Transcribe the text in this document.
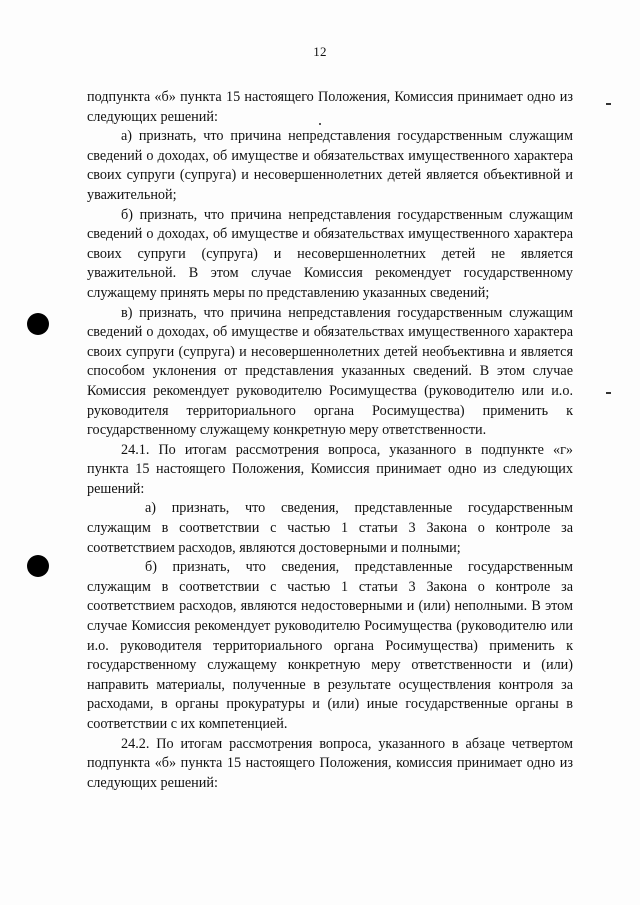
12

подпункта «б» пункта 15 настоящего Положения, Комиссия принимает одно из следующих решений:

а) признать, что причина непредставления государственным служащим сведений о доходах, об имуществе и обязательствах имущественного характера своих супруги (супруга) и несовершеннолетних детей является объективной и уважительной;

б) признать, что причина непредставления государственным служащим сведений о доходах, об имуществе и обязательствах имущественного характера своих супруги (супруга) и несовершеннолетних детей не является уважительной. В этом случае Комиссия рекомендует государственному служащему принять меры по представлению указанных сведений;

в) признать, что причина непредставления государственным служащим сведений о доходах, об имуществе и обязательствах имущественного характера своих супруги (супруга) и несовершеннолетних детей необъективна и является способом уклонения от представления указанных сведений. В этом случае Комиссия рекомендует руководителю Росимущества (руководителю или и.о. руководителя территориального органа Росимущества) применить к государственному служащему конкретную меру ответственности.

24.1. По итогам рассмотрения вопроса, указанного в подпункте «г» пункта 15 настоящего Положения, Комиссия принимает одно из следующих решений:

а) признать, что сведения, представленные государственным служащим в соответствии с частью 1 статьи 3 Закона о контроле за соответствием расходов, являются достоверными и полными;

б) признать, что сведения, представленные государственным служащим в соответствии с частью 1 статьи 3 Закона о контроле за соответствием расходов, являются недостоверными и (или) неполными. В этом случае Комиссия рекомендует руководителю Росимущества (руководителю или и.о. руководителя территориального органа Росимущества) применить к государственному служащему конкретную меру ответственности и (или) направить материалы, полученные в результате осуществления контроля за расходами, в органы прокуратуры и (или) иные государственные органы в соответствии с их компетенцией.

24.2. По итогам рассмотрения вопроса, указанного в абзаце четвертом подпункта «б» пункта 15 настоящего Положения, комиссия принимает одно из следующих решений:
